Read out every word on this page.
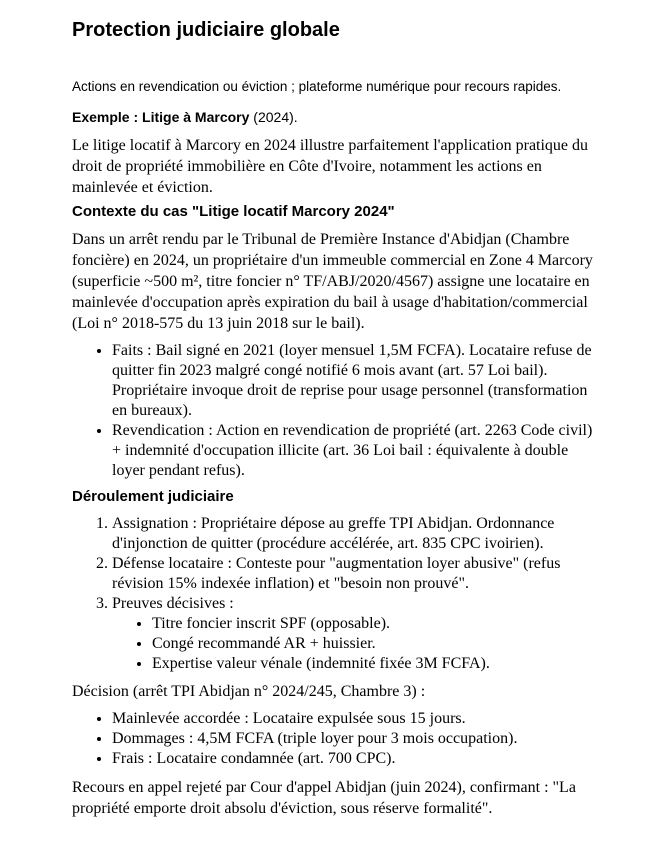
Protection judiciaire globale

Actions en revendication ou éviction ; plateforme numérique pour recours rapides.

Exemple : Litige à Marcory (2024).

Le litige locatif à Marcory en 2024 illustre parfaitement l'application pratique du droit de propriété immobilière en Côte d'Ivoire, notamment les actions en mainlevée et éviction.

Contexte du cas "Litige locatif Marcory 2024"

Dans un arrêt rendu par le Tribunal de Première Instance d'Abidjan (Chambre foncière) en 2024, un propriétaire d'un immeuble commercial en Zone 4 Marcory (superficie ~500 m², titre foncier n° TF/ABJ/2020/4567) assigne une locataire en mainlevée d'occupation après expiration du bail à usage d'habitation/commercial (Loi n° 2018-575 du 13 juin 2018 sur le bail).

• Faits : Bail signé en 2021 (loyer mensuel 1,5M FCFA). Locataire refuse de quitter fin 2023 malgré congé notifié 6 mois avant (art. 57 Loi bail). Propriétaire invoque droit de reprise pour usage personnel (transformation en bureaux).
• Revendication : Action en revendication de propriété (art. 2263 Code civil) + indemnité d'occupation illicite (art. 36 Loi bail : équivalente à double loyer pendant refus).
Déroulement judiciaire
1. Assignation : Propriétaire dépose au greffe TPI Abidjan. Ordonnance d'injonction de quitter (procédure accélérée, art. 835 CPC ivoirien).
2. Défense locataire : Conteste pour "augmentation loyer abusive" (refus révision 15% indexée inflation) et "besoin non prouvé".
3. Preuves décisives :
• Titre foncier inscrit SPF (opposable).
• Congé recommandé AR + huissier.
• Expertise valeur vénale (indemnité fixée 3M FCFA).

Décision (arrêt TPI Abidjan n° 2024/245, Chambre 3) :

• Mainlevée accordée : Locataire expulsée sous 15 jours.
• Dommages : 4,5M FCFA (triple loyer pour 3 mois occupation).
• Frais : Locataire condamnée (art. 700 CPC).

Recours en appel rejeté par Cour d'appel Abidjan (juin 2024), confirmant : "La propriété emporte droit absolu d'éviction, sous réserve formalité".
